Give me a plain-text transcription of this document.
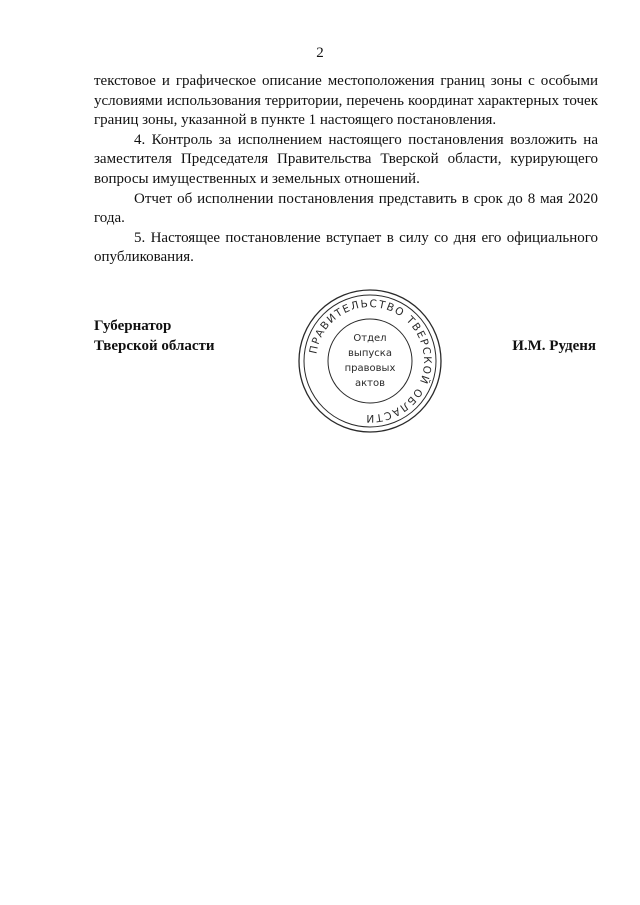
2

текстовое и графическое описание местоположения границ зоны с особыми условиями использования территории, перечень координат характерных точек границ зоны, указанной в пункте 1 настоящего постановления.

4. Контроль за исполнением настоящего постановления возложить на заместителя Председателя Правительства Тверской области, курирующего вопросы имущественных и земельных отношений.

Отчет об исполнении постановления представить в срок до 8 мая 2020 года.

5. Настоящее постановление вступает в силу со дня его официального опубликования.

Губернатор
Тверской области	ПРАВИТЕЛЬСТВО ТВЕРСКОЙ ОБЛАСТИ
Отдел
выпуска
правовых
актов
И.М. Руденя
